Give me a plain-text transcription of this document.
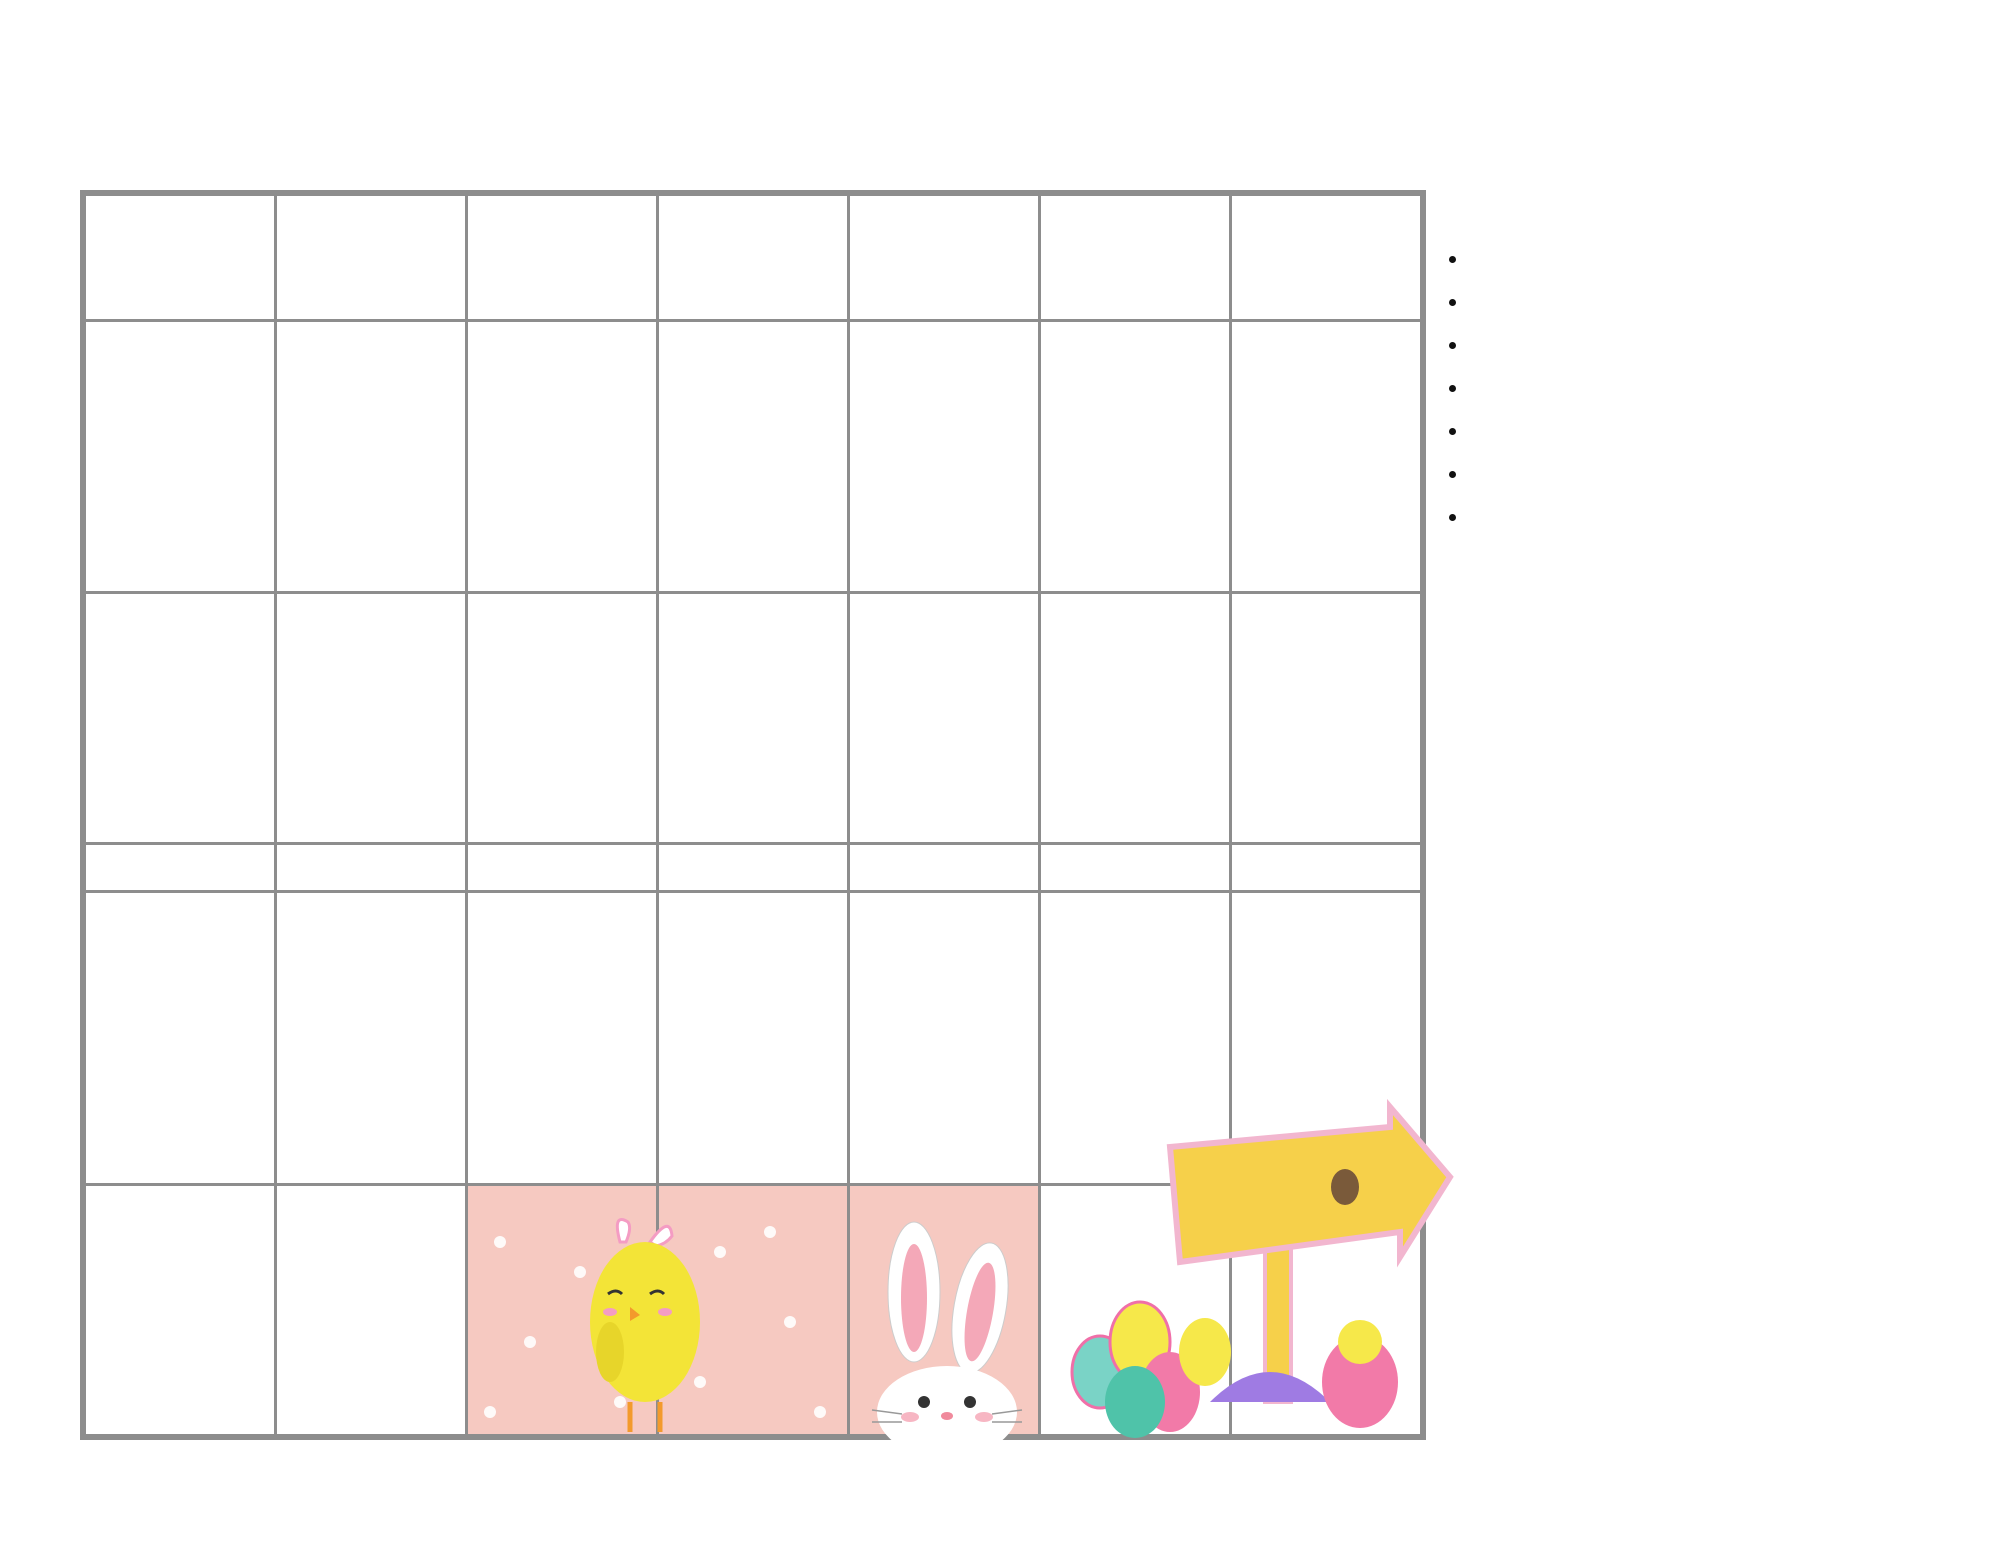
•
•
•
•
•
•
•
